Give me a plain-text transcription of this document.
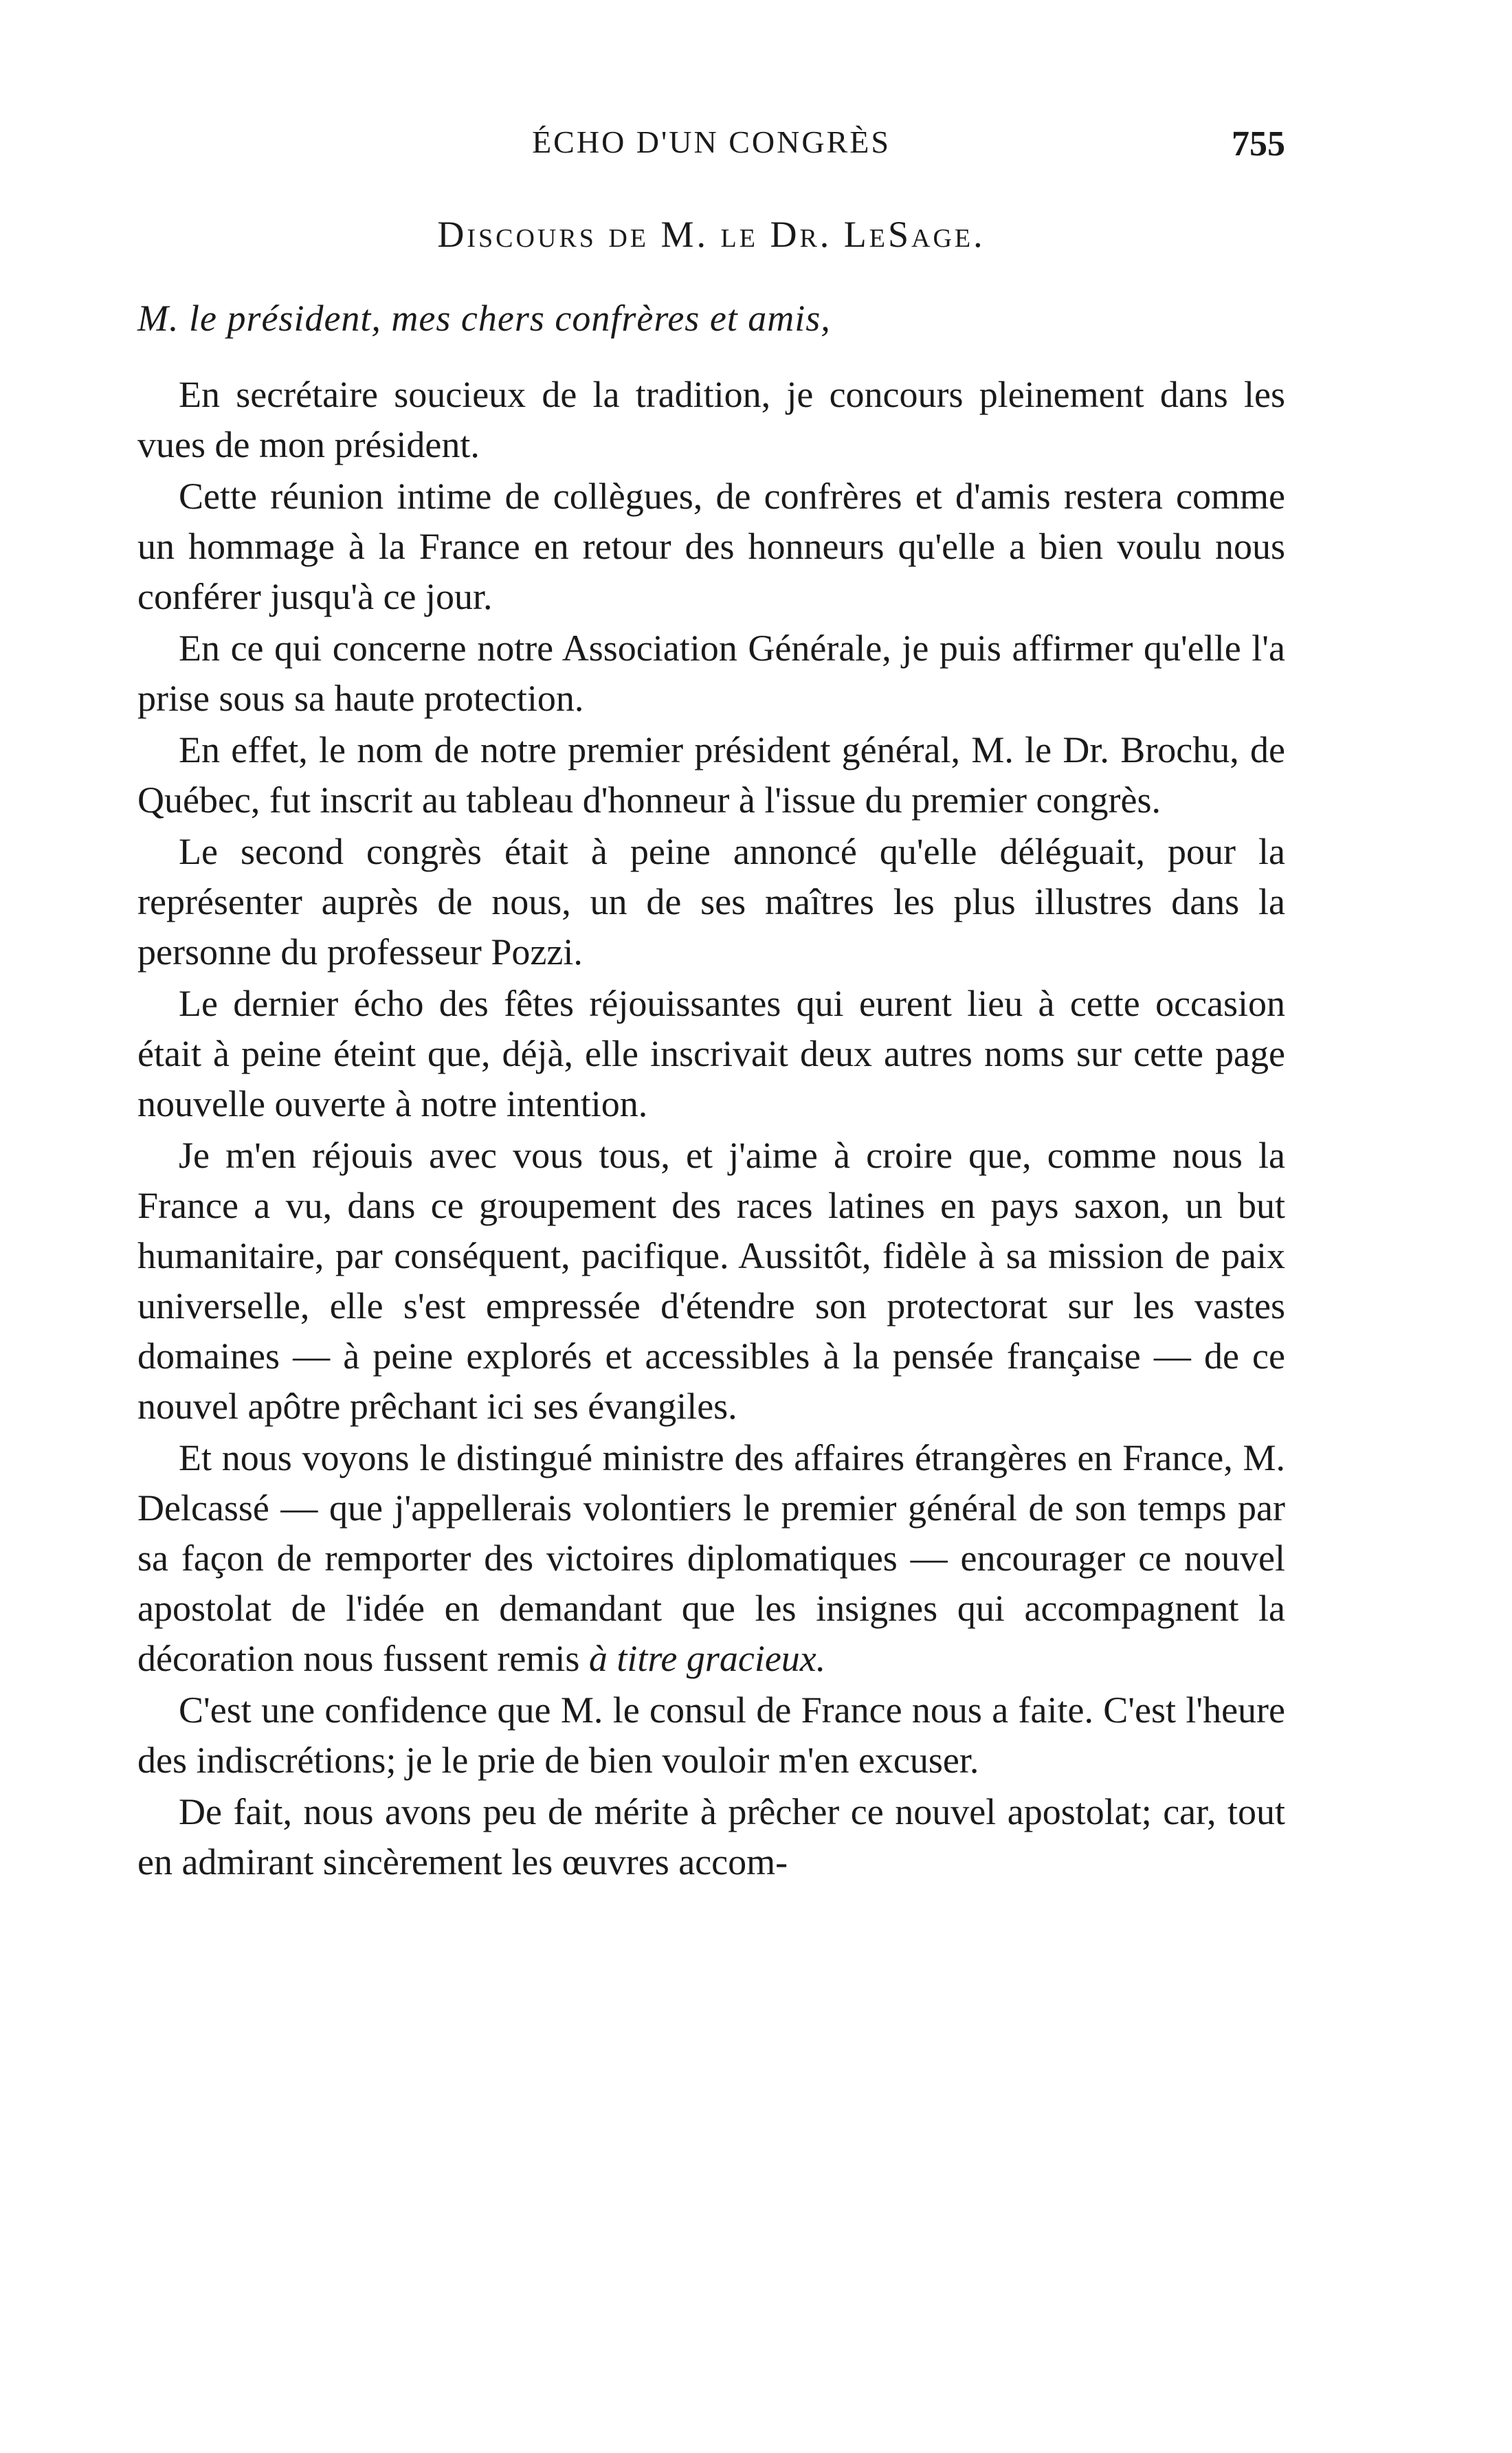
ÉCHO D'UN CONGRÈS	755
Discours de M. le Dr. LeSage.
M. le président, mes chers confrères et amis,

En secrétaire soucieux de la tradition, je concours pleinement dans les vues de mon président.

Cette réunion intime de collègues, de confrères et d'amis restera comme un hommage à la France en retour des honneurs qu'elle a bien voulu nous conférer jusqu'à ce jour.

En ce qui concerne notre Association Générale, je puis affirmer qu'elle l'a prise sous sa haute protection.

En effet, le nom de notre premier président général, M. le Dr. Brochu, de Québec, fut inscrit au tableau d'honneur à l'issue du premier congrès.

Le second congrès était à peine annoncé qu'elle déléguait, pour la représenter auprès de nous, un de ses maîtres les plus illustres dans la personne du professeur Pozzi.

Le dernier écho des fêtes réjouissantes qui eurent lieu à cette occasion était à peine éteint que, déjà, elle inscrivait deux autres noms sur cette page nouvelle ouverte à notre intention.

Je m'en réjouis avec vous tous, et j'aime à croire que, comme nous la France a vu, dans ce groupement des races latines en pays saxon, un but humanitaire, par conséquent, pacifique. Aussitôt, fidèle à sa mission de paix universelle, elle s'est empressée d'étendre son protectorat sur les vastes domaines — à peine explorés et accessibles à la pensée française — de ce nouvel apôtre prêchant ici ses évangiles.

Et nous voyons le distingué ministre des affaires étrangères en France, M. Delcassé — que j'appellerais volontiers le premier général de son temps par sa façon de remporter des victoires diplomatiques — encourager ce nouvel apostolat de l'idée en demandant que les insignes qui accompagnent la décoration nous fussent remis à titre gracieux.

C'est une confidence que M. le consul de France nous a faite. C'est l'heure des indiscrétions; je le prie de bien vouloir m'en excuser.

De fait, nous avons peu de mérite à prêcher ce nouvel apostolat; car, tout en admirant sincèrement les œuvres accom-
